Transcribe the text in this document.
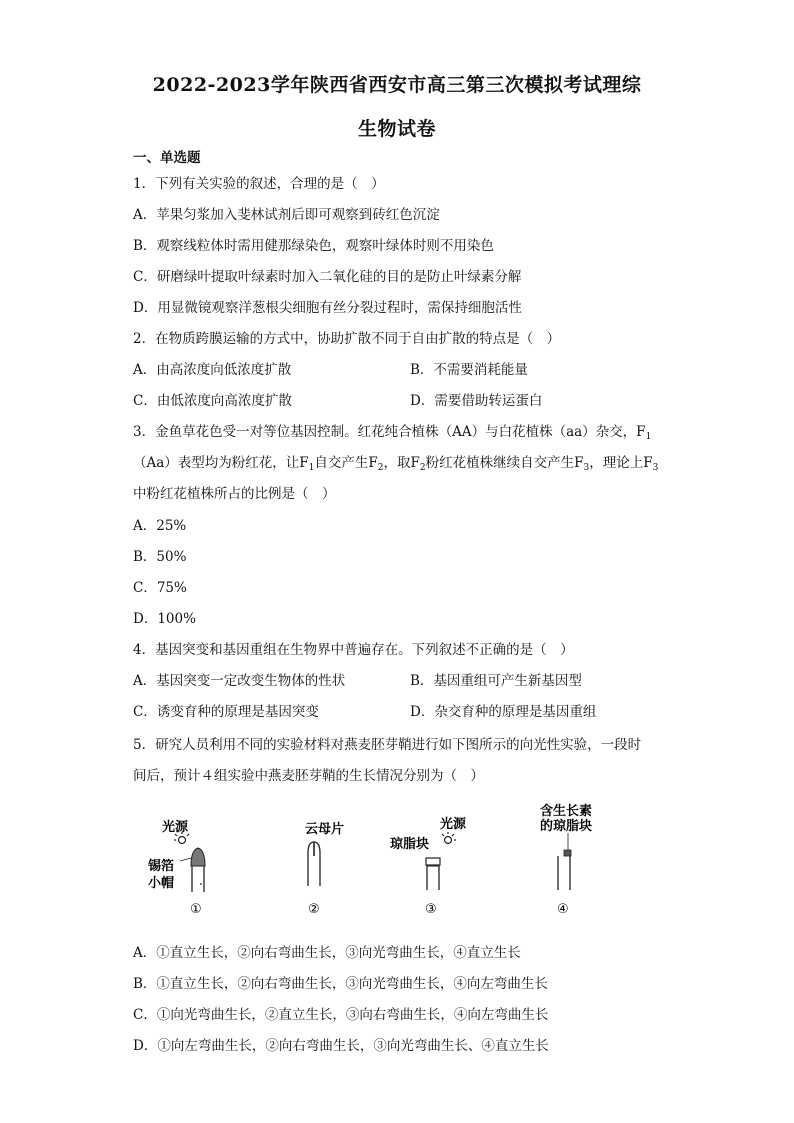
2022-2023学年陕西省西安市高三第三次模拟考试理综
生物试卷
一、单选题
1．下列有关实验的叙述，合理的是（　）
A．苹果匀浆加入斐林试剂后即可观察到砖红色沉淀
B．观察线粒体时需用健那绿染色，观察叶绿体时则不用染色
C．研磨绿叶提取叶绿素时加入二氧化硅的目的是防止叶绿素分解
D．用显微镜观察洋葱根尖细胞有丝分裂过程时，需保持细胞活性
2．在物质跨膜运输的方式中，协助扩散不同于自由扩散的特点是（　）
A．由高浓度向低浓度扩散	B．不需要消耗能量
C．由低浓度向高浓度扩散	D．需要借助转运蛋白
3．金鱼草花色受一对等位基因控制。红花纯合植株（AA）与白花植株（aa）杂交，$F_1$
（Aa）表型均为粉红花，让$F_1$自交产生$F_2$，取$F_2$粉红花植株继续自交产生$F_3$，理论上$F_3$
中粉红花植株所占的比例是（　）
A．25%
B．50%
C．75%
D．100%
4．基因突变和基因重组在生物界中普遍存在。下列叙述不正确的是（　）
A．基因突变一定改变生物体的性状	B．基因重组可产生新基因型
C．诱变育种的原理是基因突变	D．杂交育种的原理是基因重组
5．研究人员利用不同的实验材料对燕麦胚芽鞘进行如下图所示的向光性实验，一段时
间后，预计４组实验中燕麦胚芽鞘的生长情况分别为（　）
光源
锡箔
小帽
①
云母片
②
光源
琼脂块
③
含生长素
的琼脂块
④
A．①直立生长，②向右弯曲生长，③向光弯曲生长，④直立生长
B．①直立生长，②向右弯曲生长，③向光弯曲生长，④向左弯曲生长
C．①向光弯曲生长，②直立生长，③向右弯曲生长，④向左弯曲生长
D．①向左弯曲生长，②向右弯曲生长，③向光弯曲生长、④直立生长
